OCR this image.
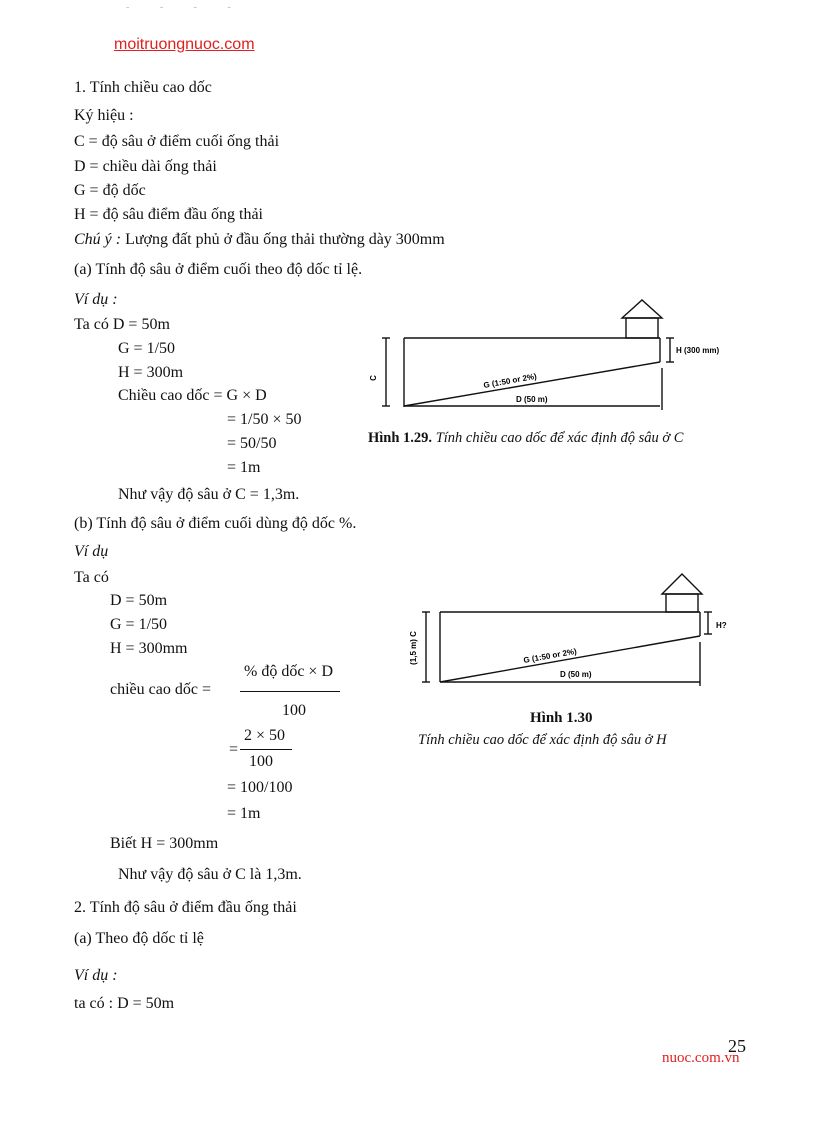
- - - -
moitruongnuoc.com
1. Tính chiều cao dốc
Ký hiệu :
C = độ sâu ở điểm cuối ống thải
D = chiều dài ống thải
G = độ dốc
H = độ sâu điểm đầu ống thải
Chú ý : Lượng đất phủ ở đầu ống thải thường dày 300mm
(a) Tính độ sâu ở điểm cuối theo độ dốc tỉ lệ.
Ví dụ :
Ta có D = 50m
G = 1/50
H = 300m
Chiều cao dốc = G × D
= 1/50 × 50
= 50/50
= 1m
Như vậy độ sâu ở C = 1,3m.
C
H (300 mm)
G (1:50 or 2%)
D (50 m)
Hình 1.29. Tính chiều cao dốc để xác định độ sâu ở C
(b) Tính độ sâu ở điểm cuối dùng độ dốc %.
Ví dụ
Ta có
D = 50m
G = 1/50
H = 300mm
chiều cao dốc =
% độ dốc × D
100
=
2 × 50
100
= 100/100
= 1m
Biết H = 300mm
Như vậy độ sâu ở C là 1,3m.
(1,5 m) C
H?
G (1:50 or 2%)
D (50 m)
Hình 1.30
Tính chiều cao dốc để xác định độ sâu ở H
2. Tính độ sâu ở điểm đầu ống thải
(a) Theo độ dốc tỉ lệ
Ví dụ :
ta có : D = 50m
25
nuoc.com.vn
